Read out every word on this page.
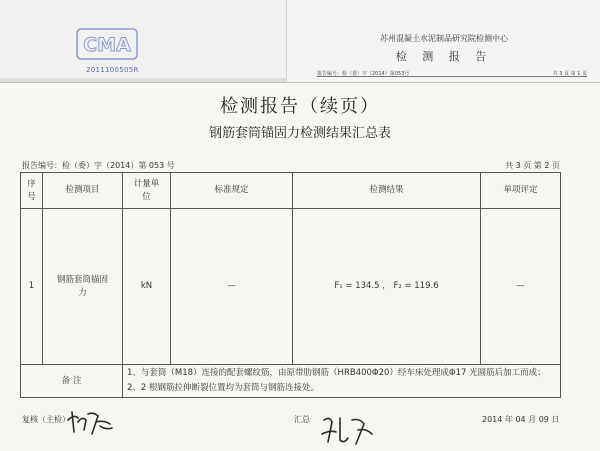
CMA
2011100505R
苏州混凝土水泥制品研究院检测中心
检 测 报 告
报告编号：检（委）字（2014）第053号	共 3 页 第 1 页
检测报告（续页）
钢筋套筒锚固力检测结果汇总表
报告编号：检（委）字（2014）第 053 号	共 3 页 第 2 页
序号	检测项目	计量单位	标准规定	检测结果	单项评定
1	钢筋套筒锚固力	kN	—	F₁ = 134.5 ， F₂ = 119.6	—
备 注		1、与套筒（M18）连接的配套螺纹筋，由原带肋钢筋（HRB400Φ20）经车床处理成Φ17 光圆筋后加工而成；
2、2 根钢筋拉伸断裂位置均为套筒与钢筋连接处。			
复核（主检）	汇总	2014 年 04 月 09 日
